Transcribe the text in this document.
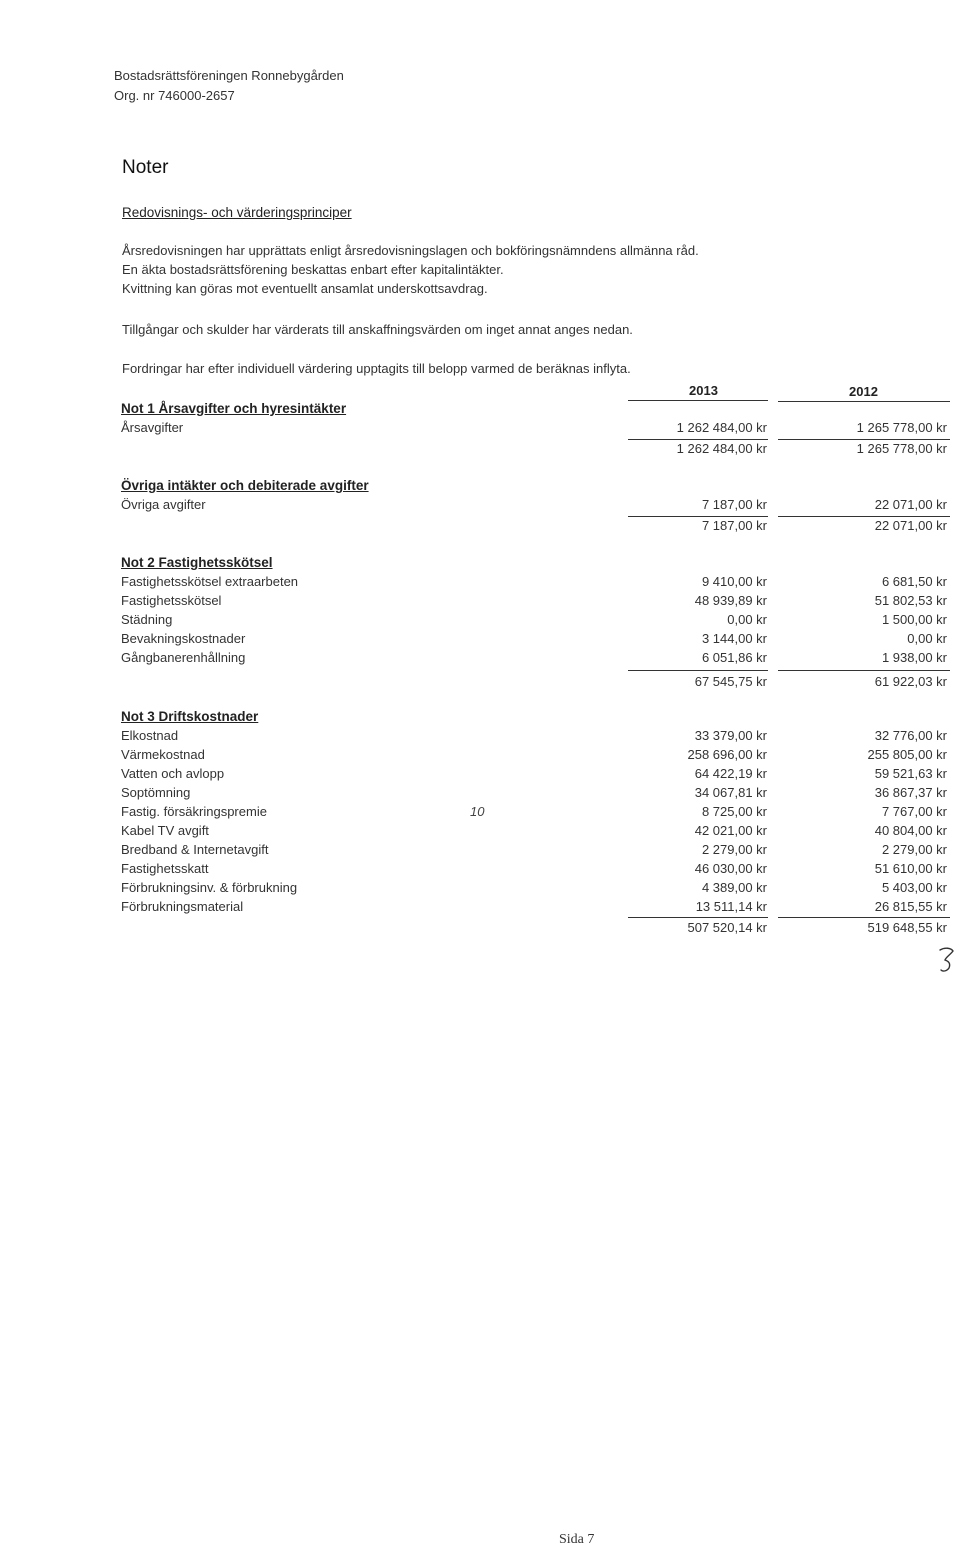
Bostadsrättsföreningen Ronnebygården
Org. nr 746000-2657
Noter
Redovisnings- och värderingsprinciper
Årsredovisningen har upprättats enligt årsredovisningslagen och bokföringsnämndens allmänna råd.
En äkta bostadsrättsförening beskattas enbart efter kapitalintäkter.
Kvittning kan göras mot eventuellt ansamlat underskottsavdrag.
Tillgångar och skulder har värderats till anskaffningsvärden om inget annat anges nedan.
Fordringar har efter individuell värdering upptagits till belopp varmed de beräknas inflyta.
2013	2012
Not 1 Årsavgifter och hyresintäkter
Årsavgifter	1 262 484,00 kr	1 265 778,00 kr
1 262 484,00 kr	1 265 778,00 kr
Övriga intäkter och debiterade avgifter
Övriga avgifter	7 187,00 kr	22 071,00 kr
7 187,00 kr	22 071,00 kr
Not 2 Fastighetsskötsel
Fastighetsskötsel extraarbeten	9 410,00 kr	6 681,50 kr
Fastighetsskötsel	48 939,89 kr	51 802,53 kr
Städning	0,00 kr	1 500,00 kr
Bevakningskostnader	3 144,00 kr	0,00 kr
Gångbanerenhållning	6 051,86 kr	1 938,00 kr
67 545,75 kr	61 922,03 kr
Not 3 Driftskostnader
Elkostnad	33 379,00 kr	32 776,00 kr
Värmekostnad	258 696,00 kr	255 805,00 kr
Vatten och avlopp	64 422,19 kr	59 521,63 kr
Soptömning	34 067,81 kr	36 867,37 kr
Fastig. försäkringspremie	10	8 725,00 kr	7 767,00 kr
Kabel TV avgift	42 021,00 kr	40 804,00 kr
Bredband & Internetavgift	2 279,00 kr	2 279,00 kr
Fastighetsskatt	46 030,00 kr	51 610,00 kr
Förbrukningsinv. & förbrukning	4 389,00 kr	5 403,00 kr
Förbrukningsmaterial	13 511,14 kr	26 815,55 kr
507 520,14 kr	519 648,55 kr
Sida 7
